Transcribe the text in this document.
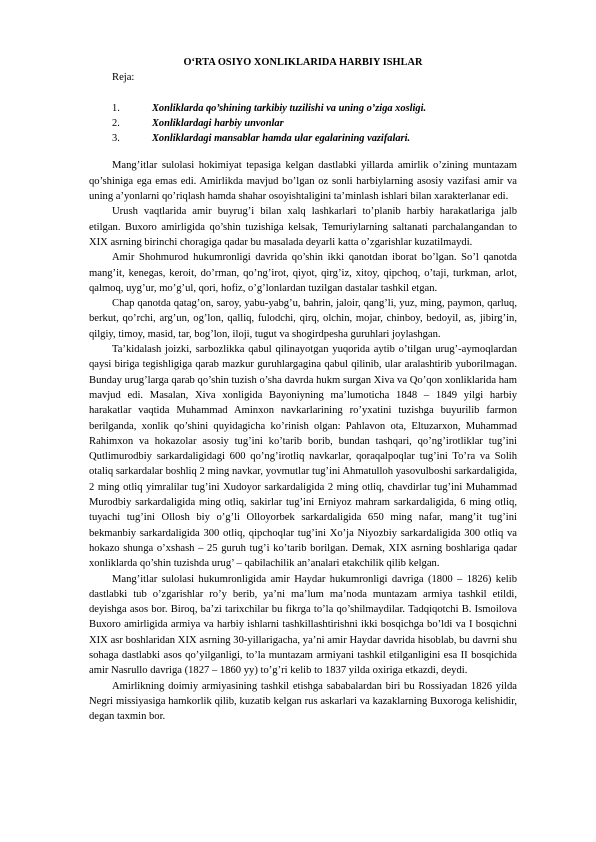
O‘RTA OSIYO XONLIKLARIDA HARBIY ISHLAR
Reja:
1.	Xonliklarda qo’shining tarkibiy tuzilishi va uning o’ziga xosligi.
2.	Xonliklardagi harbiy unvonlar
3.	Xonliklardagi mansablar hamda ular egalarining vazifalari.

Mang’itlar sulolasi hokimiyat tepasiga kelgan dastlabki yillarda amirlik o’zining muntazam qo’shiniga ega emas edi. Amirlikda mavjud bo’lgan oz sonli harbiylarning asosiy vazifasi amir va uning a’yonlarni qo’riqlash hamda shahar osoyishtaligini ta’minlash ishlari bilan xarakterlanar edi.

Urush vaqtlarida amir buyrug’i bilan xalq lashkarlari to’planib harbiy harakatlariga jalb etilgan. Buxoro amirligida qo’shin tuzishiga kelsak, Temuriylarning saltanati parchalangandan to XIX asrning birinchi choragiga qadar bu masalada deyarli katta o’zgarishlar kuzatilmaydi.

Amir Shohmurod hukumronligi davrida qo’shin ikki qanotdan iborat bo’lgan. So’l qanotda mang’it, kenegas, keroit, do’rman, qo’ng’irot, qiyot, qirg’iz, xitoy, qipchoq, o’taji, turkman, arlot, qalmoq, uyg’ur, mo’g’ul, qori, hofiz, o’g’lonlardan tuzilgan dastalar tashkil etgan.

Chap qanotda qatag’on, saroy, yabu-yabg’u, bahrin, jaloir, qang’li, yuz, ming, paymon, qarluq, berkut, qo’rchi, arg’un, og’lon, qalliq, fulodchi, qirq, olchin, mojar, chinboy, bedoyil, as, jibirg’in, qilgiy, timoy, masid, tar, bog’lon, iloji, tugut va shogirdpesha guruhlari joylashgan.

Ta’kidalash joizki, sarbozlikka qabul qilinayotgan yuqorida aytib o’tilgan urug’-aymoqlardan qaysi biriga tegishligiga qarab mazkur guruhlargagina qabul qilinib, ular aralashtirib yuborilmagan. Bunday urug’larga qarab qo’shin tuzish o’sha davrda hukm surgan Xiva va Qo’qon xonliklarida ham mavjud edi. Masalan, Xiva xonligida Bayoniyning ma’lumoticha 1848 – 1849 yilgi harbiy harakatlar vaqtida Muhammad Aminxon navkarlarining ro’yxatini tuzishga buyurilib farmon berilganda, xonlik qo’shini quyidagicha ko’rinish olgan: Pahlavon ota, Eltuzarxon, Muhammad Rahimxon va hokazolar asosiy tug’ini ko’tarib borib, bundan tashqari, qo’ng’irotliklar tug’ini Qutlimurodbiy sarkardaligidagi 600 qo’ng’irotliq navkarlar, qoraqalpoqlar tug’ini To’ra va Solih otaliq sarkardalar boshliq 2 ming navkar, yovmutlar tug’ini Ahmatulloh yasovulboshi sarkardaligida, 2 ming otliq yimralilar tug’ini Xudoyor sarkardaligida 2 ming otliq, chavdirlar tug’ini Muhammad Murodbiy sarkardaligida ming otliq, sakirlar tug’ini Erniyoz mahram sarkardaligida, 6 ming otliq, tuyachi tug’ini Ollosh biy o’g’li Olloyorbek sarkardaligida 650 ming nafar, mang’it tug’ini bekmanbiy sarkardaligida 300 otliq, qipchoqlar tug’ini Xo’ja Niyozbiy sarkardaligida 300 otliq va hokazo shunga o’xshash – 25 guruh tug’i ko’tarib borilgan. Demak, XIX asrning boshlariga qadar xonliklarda qo’shin tuzishda urug’ – qabilachilik an’analari etakchilik qilib kelgan.

Mang’itlar sulolasi hukumronligida amir Haydar hukumronligi davriga (1800 – 1826) kelib dastlabki tub o’zgarishlar ro’y berib, ya’ni ma’lum ma’noda muntazam armiya tashkil etildi, deyishga asos bor. Biroq, ba’zi tarixchilar bu fikrga to’la qo’shilmaydilar. Tadqiqotchi B. Ismoilova Buxoro amirligida armiya va harbiy ishlarni tashkillashtirishni ikki bosqichga bo’ldi va I bosqichni XIX asr boshlaridan XIX asrning 30-yillarigacha, ya’ni amir Haydar davrida hisoblab, bu davrni shu sohaga dastlabki asos qo’yilganligi, to’la muntazam armiyani tashkil etilganligini esa II bosqichida amir Nasrullo davriga (1827 – 1860 yy) to’g’ri kelib to 1837 yilda oxiriga etkazdi, deydi.

Amirlikning doimiy armiyasining tashkil etishga sababalardan biri bu Rossiyadan 1826 yilda Negri missiyasiga hamkorlik qilib, kuzatib kelgan rus askarlari va kazaklarning Buxoroga kelishidir, degan taxmin bor.
